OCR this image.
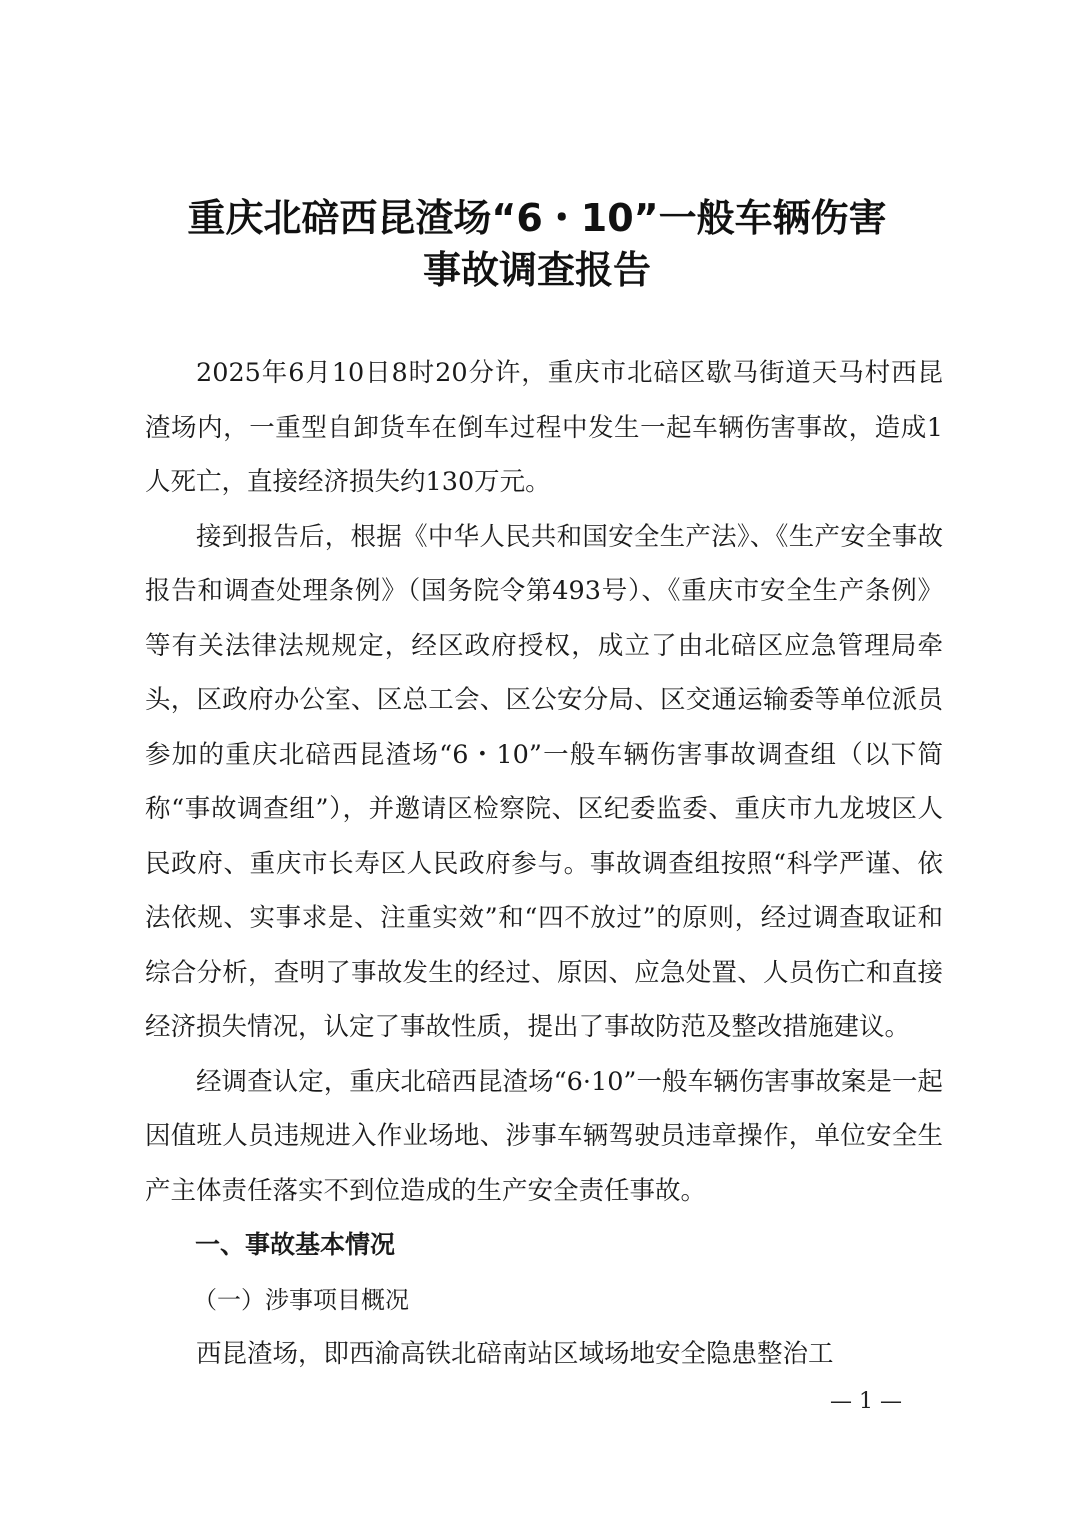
重庆北碚西昆渣场“6・10”一般车辆伤害
事故调查报告

2025年6月10日8时20分许，重庆市北碚区歇马街道天马村西昆渣场内，一重型自卸货车在倒车过程中发生一起车辆伤害事故，造成1人死亡，直接经济损失约130万元。

接到报告后，根据《中华人民共和国安全生产法》、《生产安全事故报告和调查处理条例》（国务院令第493号）、《重庆市安全生产条例》等有关法律法规规定，经区政府授权，成立了由北碚区应急管理局牵头，区政府办公室、区总工会、区公安分局、区交通运输委等单位派员参加的重庆北碚西昆渣场“6・10”一般车辆伤害事故调查组（以下简称“事故调查组”），并邀请区检察院、区纪委监委、重庆市九龙坡区人民政府、重庆市长寿区人民政府参与。事故调查组按照“科学严谨、依法依规、实事求是、注重实效”和“四不放过”的原则，经过调查取证和综合分析，查明了事故发生的经过、原因、应急处置、人员伤亡和直接经济损失情况，认定了事故性质，提出了事故防范及整改措施建议。

经调查认定，重庆北碚西昆渣场“6·10”一般车辆伤害事故案是一起因值班人员违规进入作业场地、涉事车辆驾驶员违章操作，单位安全生产主体责任落实不到位造成的生产安全责任事故。

一、事故基本情况

（一）涉事项目概况

西昆渣场，即西渝高铁北碚南站区域场地安全隐患整治工

— 1 —
